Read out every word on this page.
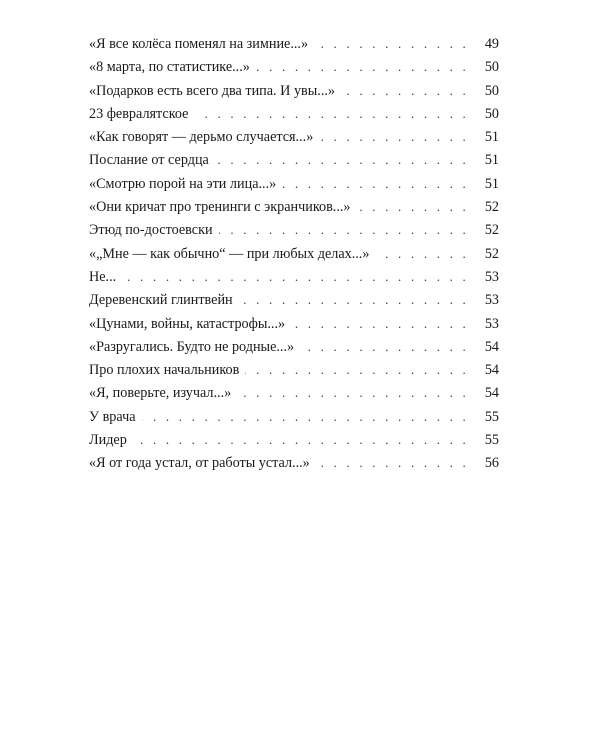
«Я все колёса поменял на зимние...» . . .	49
«8 марта, по статистике...» . . .	50
«Подарков есть всего два типа. И увы...» . . .	50
23 февралятское . . .	50
«Как говорят — дерьмо случается...» . . .	51
Послание от сердца . . .	51
«Смотрю порой на эти лица...» . . .	51
«Они кричат про тренинги с экранчиков...» . . .	52
Этюд по-достоевски . . .	52
«„Мне — как обычно“ — при любых делах...» . . .	52
Не... . . .	53
Деревенский глинтвейн . . .	53
«Цунами, войны, катастрофы...» . . .	53
«Разругались. Будто не родные...» . . .	54
Про плохих начальников . . .	54
«Я, поверьте, изучал...» . . .	54
У врача . . .	55
Лидер . . .	55
«Я от года устал, от работы устал...» . . .	56
